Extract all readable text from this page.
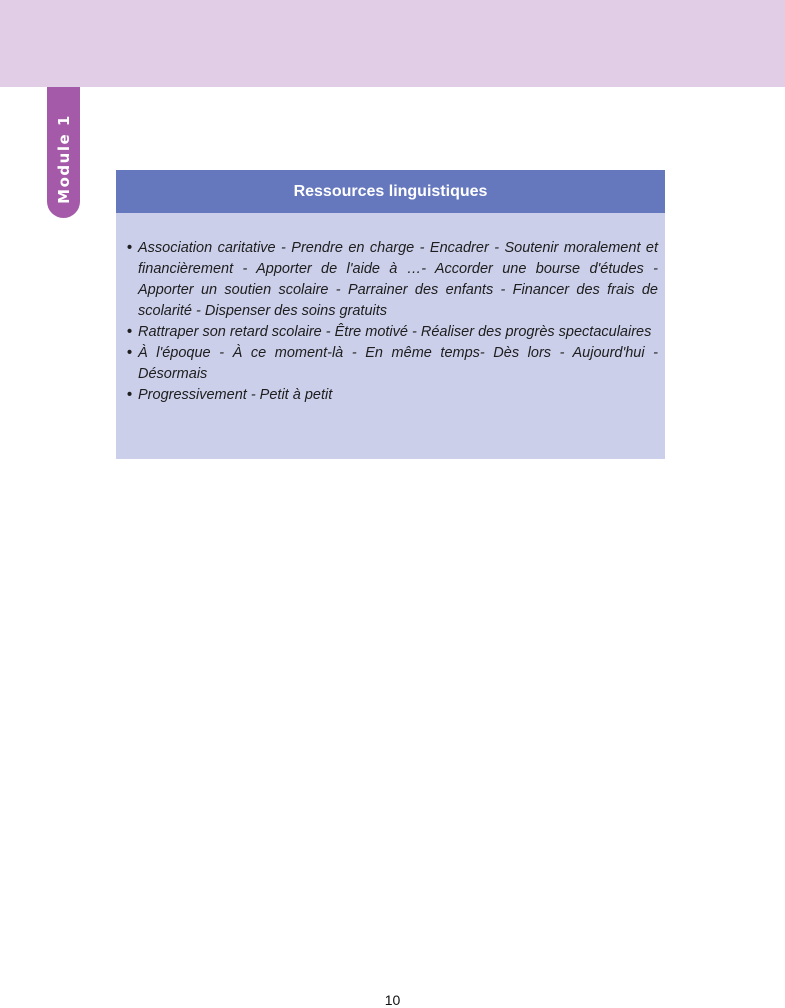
Module 1	Ressources linguistiques
• Association caritative - Prendre en charge - Encadrer - Soutenir moralement et financièrement - Apporter de l'aide à …- Accorder une bourse d'études - Apporter un soutien scolaire - Parrainer des enfants - Financer des frais de scolarité - Dispenser des soins gratuits
• Rattraper son retard scolaire - Être motivé - Réaliser des progrès spectaculaires
• À l'époque - À ce moment-là - En même temps- Dès lors - Aujourd'hui - Désormais
• Progressivement - Petit à petit
10
